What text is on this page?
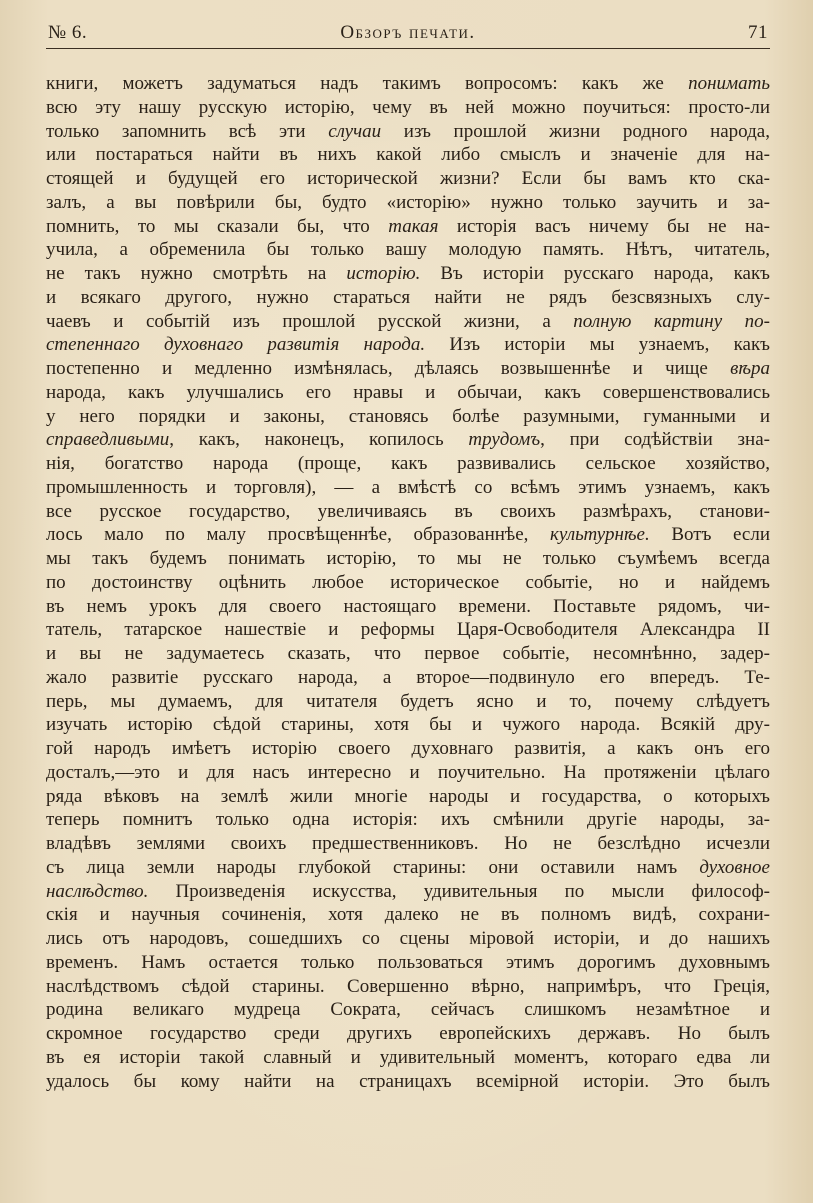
№ 6.	Обзоръ печати.	71
книги, можетъ задуматься надъ такимъ вопросомъ: какъ же понимать
всю эту нашу русскую исторію, чему въ ней можно поучиться: просто-ли
только запомнить всѣ эти случаи изъ прошлой жизни родного народа,
или постараться найти въ нихъ какой либо смыслъ и значеніе для на-
стоящей и будущей его исторической жизни? Если бы вамъ кто ска-
залъ, а вы повѣрили бы, будто «исторію» нужно только заучить и за-
помнить, то мы сказали бы, что такая исторія васъ ничему бы не на-
учила, а обременила бы только вашу молодую память. Нѣтъ, читатель,
не такъ нужно смотрѣть на исторію. Въ исторіи русскаго народа, какъ
и всякаго другого, нужно стараться найти не рядъ безсвязныхъ слу-
чаевъ и событій изъ прошлой русской жизни, а полную картину по-
степеннаго духовнаго развитія народа. Изъ исторіи мы узнаемъ, какъ
постепенно и медленно измѣнялась, дѣлаясь возвышеннѣе и чище вѣра
народа, какъ улучшались его нравы и обычаи, какъ совершенствовались
у него порядки и законы, становясь болѣе разумными, гуманными и
справедливыми, какъ, наконецъ, копилось трудомъ, при содѣйствіи зна-
нія, богатство народа (проще, какъ развивались сельское хозяйство,
промышленность и торговля), — а вмѣстѣ со всѣмъ этимъ узнаемъ, какъ
все русское государство, увеличиваясь въ своихъ размѣрахъ, станови-
лось мало по малу просвѣщеннѣе, образованнѣе, культурнѣе. Вотъ если
мы такъ будемъ понимать исторію, то мы не только съумѣемъ всегда
по достоинству оцѣнить любое историческое событіе, но и найдемъ
въ немъ урокъ для своего настоящаго времени. Поставьте рядомъ, чи-
татель, татарское нашествіе и реформы Царя-Освободителя Александра II
и вы не задумаетесь сказать, что первое событіе, несомнѣнно, задер-
жало развитіе русскаго народа, а второе—подвинуло его впередъ. Те-
перь, мы думаемъ, для читателя будетъ ясно и то, почему слѣдуетъ
изучать исторію сѣдой старины, хотя бы и чужого народа. Всякій дру-
гой народъ имѣетъ исторію своего духовнаго развитія, а какъ онъ его
досталъ,—это и для насъ интересно и поучительно. На протяженіи цѣлаго
ряда вѣковъ на землѣ жили многіе народы и государства, о которыхъ
теперь помнитъ только одна исторія: ихъ смѣнили другіе народы, за-
владѣвъ землями своихъ предшественниковъ. Но не безслѣдно исчезли
съ лица земли народы глубокой старины: они оставили намъ духовное
наслѣдство. Произведенія искусства, удивительныя по мысли философ-
скія и научныя сочиненія, хотя далеко не въ полномъ видѣ, сохрани-
лись отъ народовъ, сошедшихъ со сцены міровой исторіи, и до нашихъ
временъ. Намъ остается только пользоваться этимъ дорогимъ духовнымъ
наслѣдствомъ сѣдой старины. Совершенно вѣрно, напримѣръ, что Греція,
родина великаго мудреца Сократа, сейчасъ слишкомъ незамѣтное и
скромное государство среди другихъ европейскихъ державъ. Но былъ
въ ея исторіи такой славный и удивительный моментъ, котораго едва ли
удалось бы кому найти на страницахъ всеміpной исторіи. Это былъ
